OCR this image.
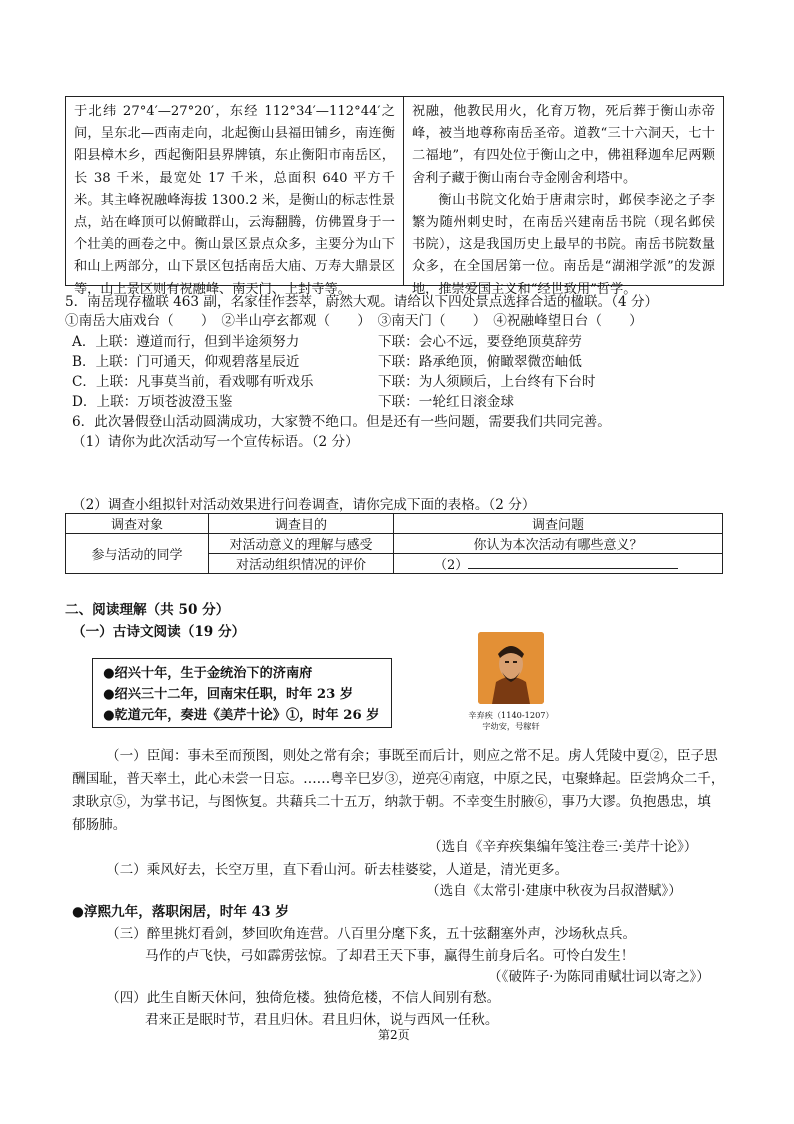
于北纬 27°4′—27°20′，东经 112°34′—112°44′之间，呈东北—西南走向，北起衡山县福田铺乡，南连衡阳县樟木乡，西起衡阳县界牌镇，东止衡阳市南岳区，长 38 千米，最宽处 17 千米，总面积 640 平方千米。其主峰祝融峰海拔 1300.2 米，是衡山的标志性景点，站在峰顶可以俯瞰群山，云海翻腾，仿佛置身于一个壮美的画卷之中。衡山景区景点众多，主要分为山下和山上两部分，山下景区包括南岳大庙、万寿大鼎景区等，山上景区则有祝融峰、南天门、上封寺等。

祝融，他教民用火，化育万物，死后葬于衡山赤帝峰，被当地尊称南岳圣帝。道教“三十六洞天，七十二福地”，有四处位于衡山之中，佛祖释迦牟尼两颗舍利子藏于衡山南台寺金刚舍利塔中。

衡山书院文化始于唐肃宗时，邺侯李泌之子李繁为随州刺史时，在南岳兴建南岳书院（现名邺侯书院），这是我国历史上最早的书院。南岳书院数量众多，在全国居第一位。南岳是“湖湘学派”的发源地，推崇爱国主义和“经世致用”哲学。

5．南岳现存楹联 463 副，名家佳作荟萃，蔚然大观。请给以下四处景点选择合适的楹联。（4 分）
①南岳大庙戏台（　　）　②半山亭玄都观（　　）　③南天门（　　）　④祝融峰望日台（　　）
A．上联：遵道而行，但到半途须努力	下联：会心不远，要登绝顶莫辞劳
B．上联：门可通天，仰观碧落星辰近	下联：路承绝顶，俯瞰翠微峦岫低
C．上联：凡事莫当前，看戏哪有听戏乐	下联：为人须顾后，上台终有下台时
D．上联：万顷苍波澄玉鉴	下联：一轮红日滚金球
6．此次暑假登山活动圆满成功，大家赞不绝口。但是还有一些问题，需要我们共同完善。
（1）请你为此次活动写一个宣传标语。（2 分）
（2）调查小组拟针对活动效果进行问卷调查，请你完成下面的表格。（2 分）
调查对象	调查目的	调查问题
参与活动的同学	对活动意义的理解与感受	你认为本次活动有哪些意义？
	对活动组织情况的评价	（2）
二、阅读理解（共 50 分）
（一）古诗文阅读（19 分）
●绍兴十年，生于金统治下的济南府
●绍兴三十二年，回南宋任职，时年 23 岁
●乾道元年，奏进《美芹十论》①，时年 26 岁	辛弃疾（1140-1207）
字幼安，号稼轩
（一）臣闻：事未至而预图，则处之常有余；事既至而后计，则应之常不足。虏人凭陵中夏②，臣子思
酬国耻，普天率土，此心未尝一日忘。……粤辛巳岁③，逆亮④南寇，中原之民，屯聚蜂起。臣尝鸠众二千，
隶耿京⑤，为掌书记，与图恢复。共藉兵二十五万，纳款于朝。不幸变生肘腋⑥，事乃大谬。负抱愚忠，填
郁肠肺。
（选自《辛弃疾集编年笺注卷三·美芹十论》）
（二）乘风好去，长空万里，直下看山河。斫去桂婆娑，人道是，清光更多。
（选自《太常引·建康中秋夜为吕叔潜赋》）
●淳熙九年，落职闲居，时年 43 岁
（三）醉里挑灯看剑，梦回吹角连营。八百里分麾下炙，五十弦翻塞外声，沙场秋点兵。
马作的卢飞快，弓如霹雳弦惊。了却君王天下事，赢得生前身后名。可怜白发生！
（《破阵子·为陈同甫赋壮词以寄之》）
（四）此生自断天休问，独倚危楼。独倚危楼，不信人间别有愁。
君来正是眠时节，君且归休。君且归休，说与西风一任秋。
第2页
